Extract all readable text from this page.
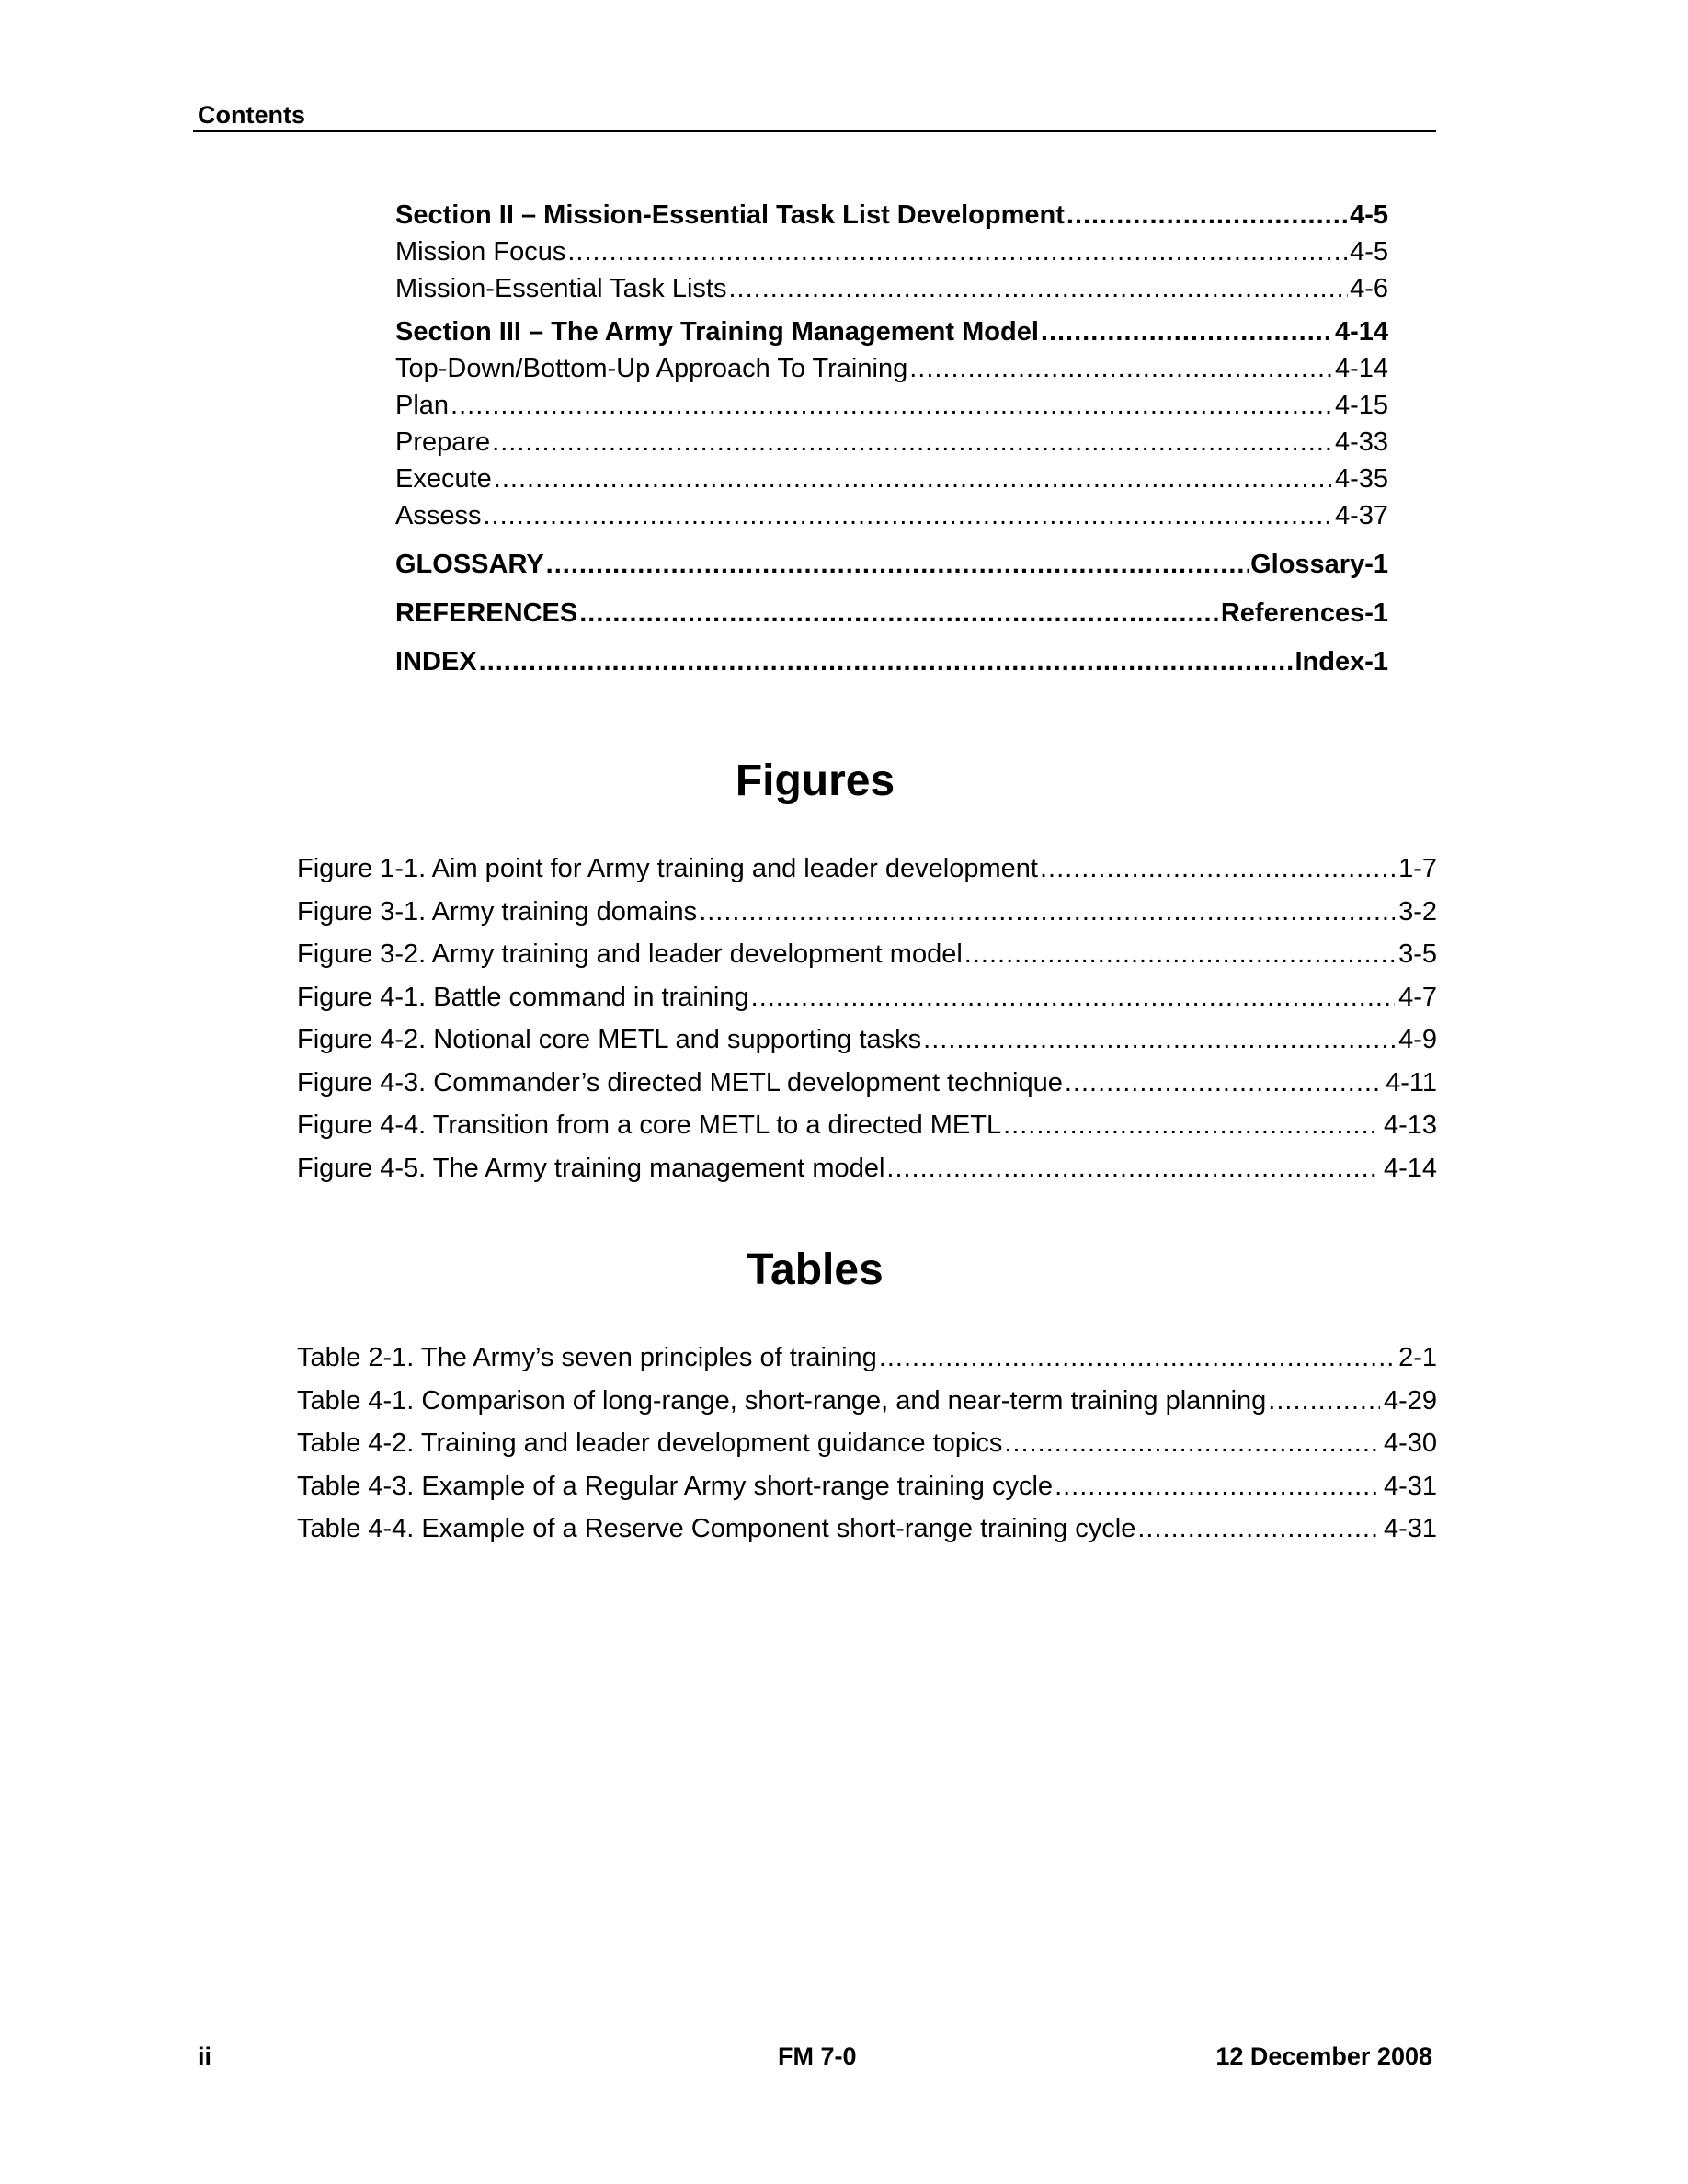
Contents
Section II – Mission-Essential Task List Development .....	4-5
Mission Focus .....	4-5
Mission-Essential Task Lists .....	4-6
Section III – The Army Training Management Model .....	4-14
Top-Down/Bottom-Up Approach To Training .....	4-14
Plan .....	4-15
Prepare .....	4-33
Execute .....	4-35
Assess .....	4-37
GLOSSARY .....	Glossary-1
REFERENCES .....	References-1
INDEX .....	Index-1
Figures
Figure 1-1. Aim point for Army training and leader development .....	1-7
Figure 3-1. Army training domains .....	3-2
Figure 3-2. Army training and leader development model .....	3-5
Figure 4-1. Battle command in training .....	4-7
Figure 4-2. Notional core METL and supporting tasks .....	4-9
Figure 4-3. Commander’s directed METL development technique .....	4-11
Figure 4-4. Transition from a core METL to a directed METL .....	4-13
Figure 4-5. The Army training management model .....	4-14
Tables
Table 2-1. The Army’s seven principles of training .....	2-1
Table 4-1. Comparison of long-range, short-range, and near-term training planning .....	4-29
Table 4-2. Training and leader development guidance topics .....	4-30
Table 4-3. Example of a Regular Army short-range training cycle .....	4-31
Table 4-4. Example of a Reserve Component short-range training cycle .....	4-31
ii	FM 7-0	12 December 2008
